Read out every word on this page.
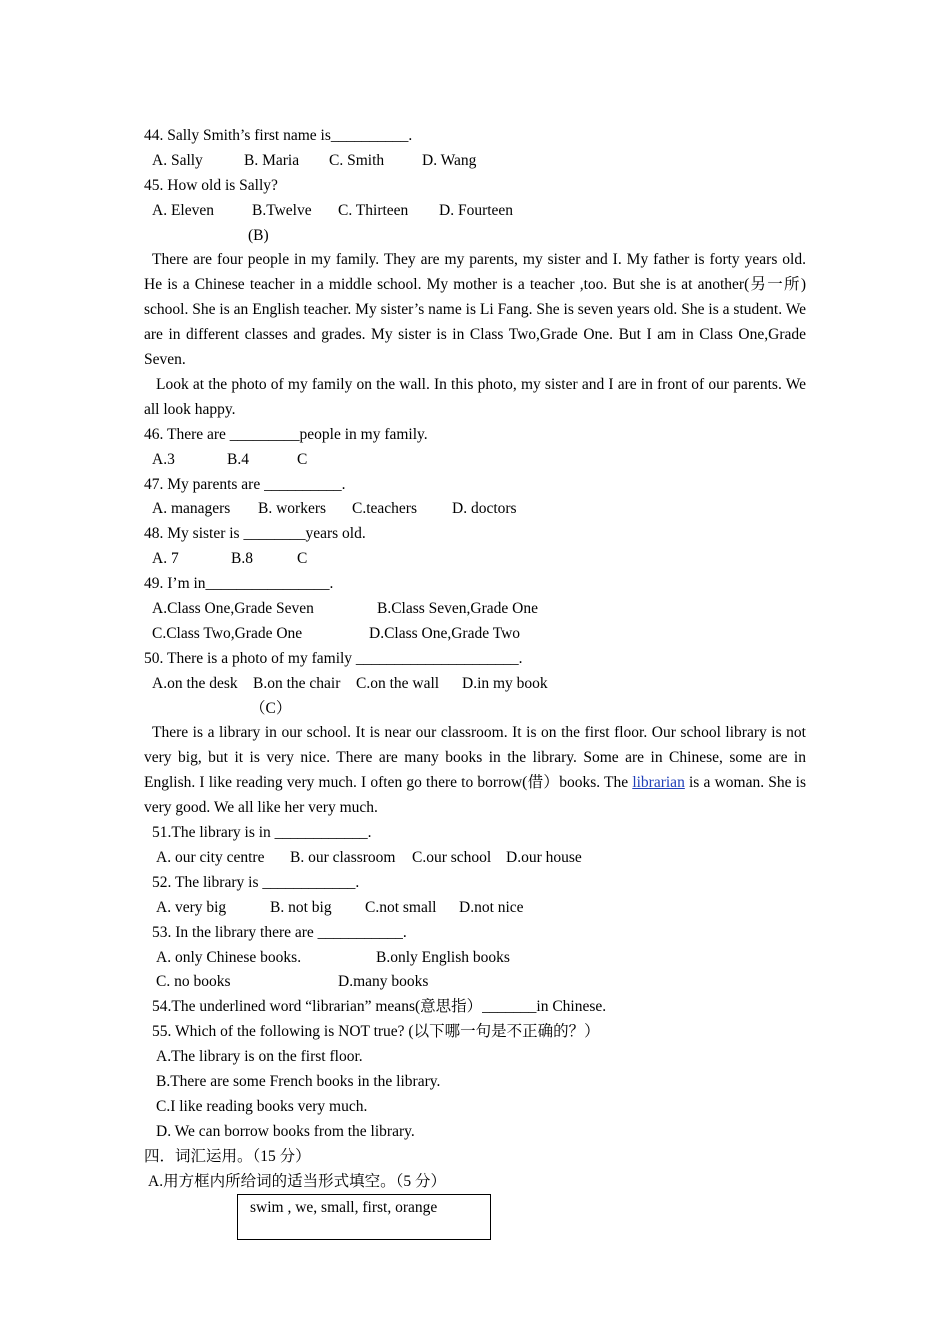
44. Sally Smith’s first name is__________.
A. Sally	B. Maria C. Smith D. Wang
45. How old is Sally?
A. Eleven B.Twelve C. Thirteen D. Fourteen
(B)
There are four people in my family. They are my parents, my sister and I. My father is forty years old. He is a Chinese teacher in a middle school. My mother is a teacher ,too. But she is at another(另一所) school. She is an English teacher. My sister’s name is Li Fang. She is seven years old. She is a student. We are in different classes and grades. My sister is in Class Two,Grade One. But I am in Class One,Grade Seven.
Look at the photo of my family on the wall. In this photo, my sister and I are in front of our parents. We all look happy.
46. There are _________people in my family.
A.3	B.4	C
47. My parents are __________.
A. managers B. workers C.teachers D. doctors
48. My sister is ________years old.
A. 7	B.8	C
49. I’m in________________.
A.Class One,Grade Seven	B.Class Seven,Grade One
C.Class Two,Grade One	D.Class One,Grade Two
50. There is a photo of my family _____________________.
A.on the desk B.on the chair C.on the wall D.in my book
（C）
There is a library in our school. It is near our classroom. It is on the first floor. Our school library is not very big, but it is very nice. There are many books in the library. Some are in Chinese, some are in English. I like reading very much. I often go there to borrow(借）books. The librarian is a woman. She is very good. We all like her very much.
51.The library is in ____________.
A. our city centre B. our classroom C.our school D.our house
52. The library is ____________.
A. very big	B. not big C.not small D.not nice
53. In the library there are ___________.
A. only Chinese books.	B.only English books
C. no books	D.many books
54.The underlined word “librarian” means(意思指）_______in Chinese.
55. Which of the following is NOT true? (以下哪一句是不正确的？）
A.The library is on the first floor.
B.There are some French books in the library.
C.I like reading books very much.
D. We can borrow books from the library.
四．词汇运用。（15 分）
A.用方框内所给词的适当形式填空。（5 分）
swim , we, small, first, orange
